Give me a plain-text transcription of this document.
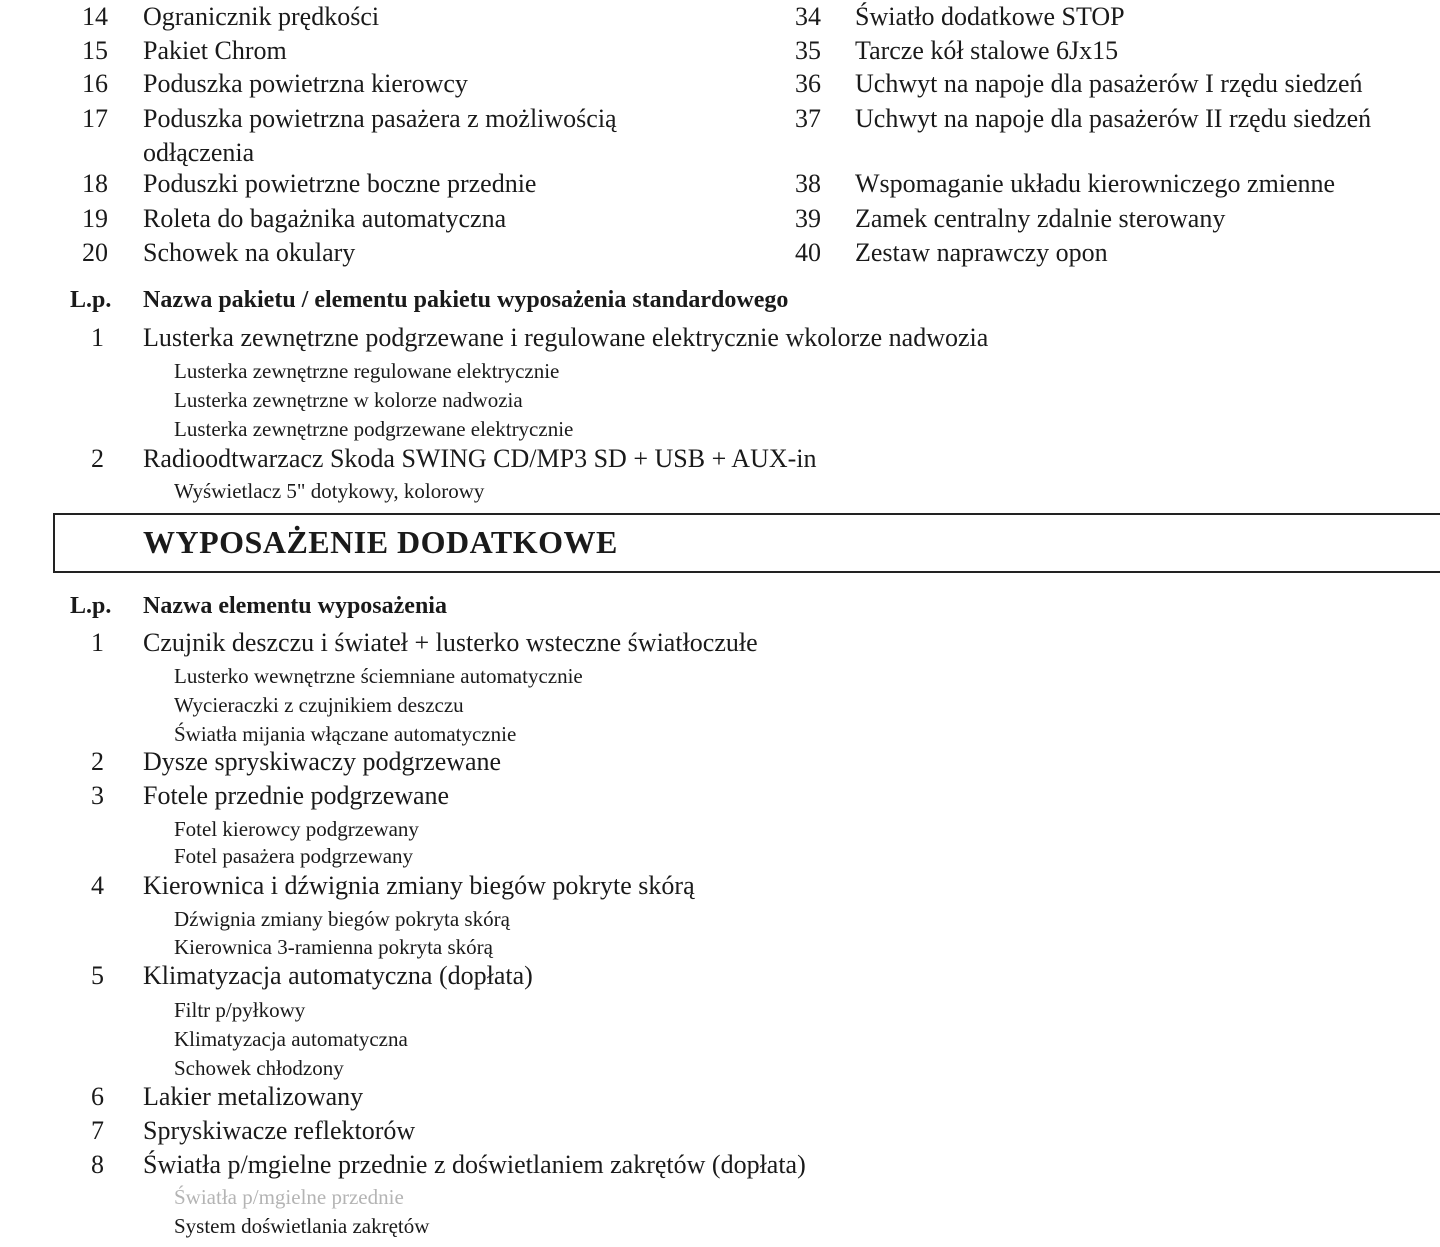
14 Ogranicznik prędkości
15 Pakiet Chrom
16 Poduszka powietrzna kierowcy
17 Poduszka powietrzna pasażera z możliwością
odłączenia
18 Poduszki powietrzne boczne przednie
19 Roleta do bagażnika automatyczna
20 Schowek na okulary
34 Światło dodatkowe STOP
35 Tarcze kół stalowe 6Jx15
36 Uchwyt na napoje dla pasażerów I rzędu siedzeń
37 Uchwyt na napoje dla pasażerów II rzędu siedzeń
38 Wspomaganie układu kierowniczego zmienne
39 Zamek centralny zdalnie sterowany
40 Zestaw naprawczy opon
L.p. Nazwa pakietu / elementu pakietu wyposażenia standardowego
1 Lusterka zewnętrzne podgrzewane i regulowane elektrycznie wkolorze nadwozia
Lusterka zewnętrzne regulowane elektrycznie
Lusterka zewnętrzne w kolorze nadwozia
Lusterka zewnętrzne podgrzewane elektrycznie
2 Radioodtwarzacz Skoda SWING CD/MP3 SD + USB + AUX-in
Wyświetlacz 5" dotykowy, kolorowy
WYPOSAŻENIE DODATKOWE
L.p. Nazwa elementu wyposażenia
1 Czujnik deszczu i świateł + lusterko wsteczne światłoczułe
Lusterko wewnętrzne ściemniane automatycznie
Wycieraczki z czujnikiem deszczu
Światła mijania włączane automatycznie
2 Dysze spryskiwaczy podgrzewane
3 Fotele przednie podgrzewane
Fotel kierowcy podgrzewany
Fotel pasażera podgrzewany
4 Kierownica i dźwignia zmiany biegów pokryte skórą
Dźwignia zmiany biegów pokryta skórą
Kierownica 3-ramienna pokryta skórą
5 Klimatyzacja automatyczna (dopłata)
Filtr p/pyłkowy
Klimatyzacja automatyczna
Schowek chłodzony
6 Lakier metalizowany
7 Spryskiwacze reflektorów
8 Światła p/mgielne przednie z doświetlaniem zakrętów (dopłata)
Światła p/mgielne przednie
System doświetlania zakrętów
